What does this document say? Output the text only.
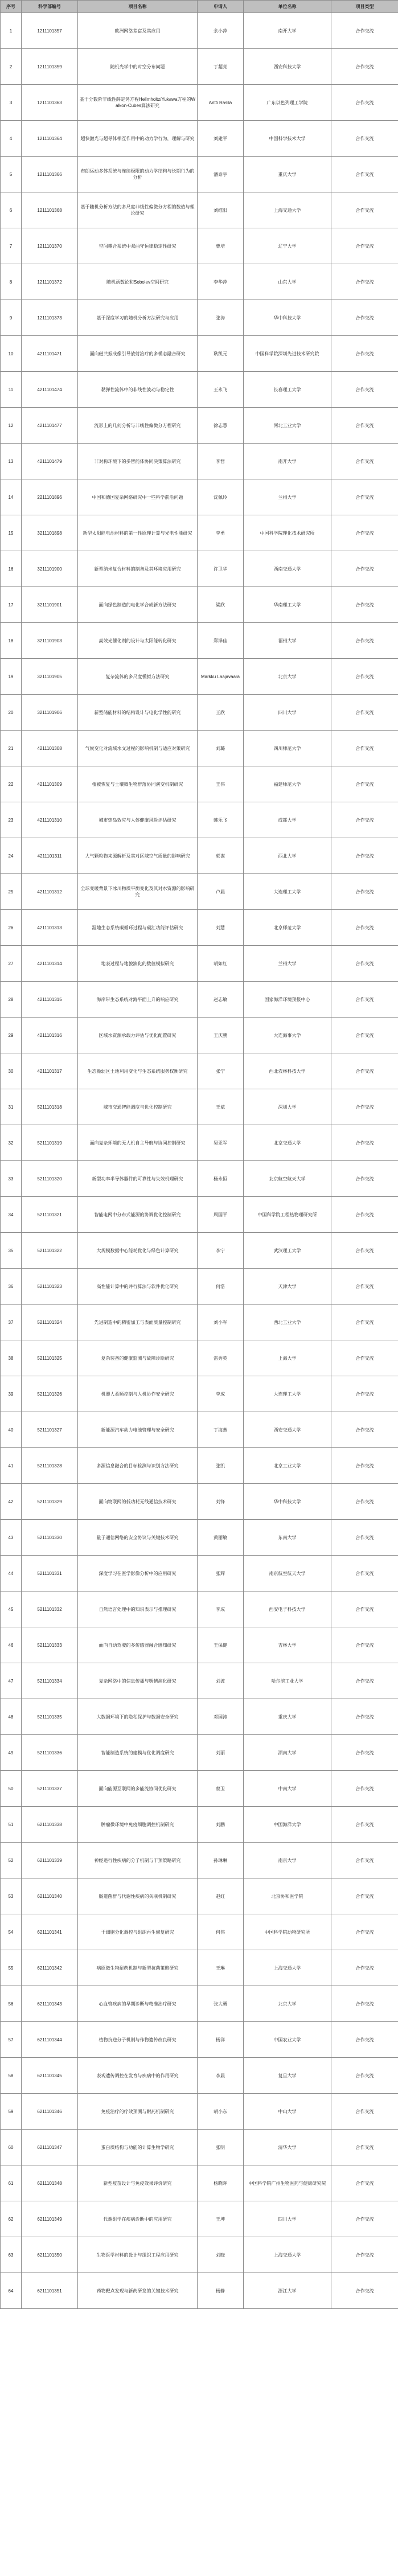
序号	科学部编号	项目名称	申请人	单位名称	项目类型
1	1211101357	欧洲网络差富及其应用	余小萍	南开大学	合作交流
2	1211101359	随机光学中的时空分布问题	丁超亮	西安科技大学	合作交流
3	1211101363	基于分数阶非线性薛定谔方程Hellmholtz/Yukawa方程的Walkon-Cubes算法研究	Antti Rasila	广东以色列理工学院	合作交流
4	1211101364	超快激光与超导体相互作用中的动力学行为，理解与研究	刘建平	中国科学技术大学	合作交流
5	1211101366	布朗运动多体系统与连续极限的动力学结构与长期行为的分析	潘泰宇	重庆大学	合作交流
6	1211101368	基于随机分析方法的多尺度非线性偏微分方程的数值与理论研究	刘维阳	上海交通大学	合作交流
7	1211101370	空间耦合系统中双曲守恒律稳定性研究	曹培	辽宁大学	合作交流
8	1211101372	随机函数论和Sobolev空间研究	李华萍	山东大学	合作交流
9	1211101373	基于深度学习的随机分析方法研究与应用	张涛	华中科技大学	合作交流
10	4211101471	面向磁共振成像引导放射治疗的多模态融合研究	耿凯元	中国科学院深圳先进技术研究院	合作交流
11	4211101474	黏弹性流体中的非线性波动与稳定性	王永飞	长春理工大学	合作交流
12	4211101477	流形上的几何分析与非线性偏微分方程研究	徐志慧	河北工业大学	合作交流
13	4211101479	非对称环境下的多智能体协同决策算法研究	李哲	南开大学	合作交流
14	2211101896	中国和德国复杂网络研究中一些科学前沿问题	沈佩玲	兰州大学	合作交流
15	3211101898	新型太阳能电池材料的第一性原理计算与光电性能研究	李勇	中国科学院理化技术研究所	合作交流
16	3211101900	新型纳米复合材料的制备及其环境应用研究	许卫华	西南交通大学	合作交流
17	3211101901	面向绿色制造的电化学合成新方法研究	梁欣	华南理工大学	合作交流
18	3211101903	高效光催化剂的设计与太阳能转化研究	郑泽佳	福州大学	合作交流
19	3211101905	复杂流体的多尺度模拟方法研究	Markku Laajavaara	北京大学	合作交流
20	3211101906	新型储能材料的结构设计与电化学性能研究	王欣	四川大学	合作交流
21	4211101308	气候变化对流域水文过程的影响机制与适应对策研究	刘璐	四川师范大学	合作交流
22	4211101309	植被恢复与土壤微生物群落协同演变机制研究	王伟	福建师范大学	合作交流
23	4211101310	城市热岛效应与人体健康风险评估研究	韩乐飞	成都大学	合作交流
24	4211101311	大气颗粒物来源解析及其对区域空气质量的影响研究	郭谋	西北大学	合作交流
25	4211101312	全球变暖背景下冰川物质平衡变化及其对水资源的影响研究	卢晨	大连理工大学	合作交流
26	4211101313	湿地生态系统碳循环过程与碳汇功能评估研究	刘慧	北京师范大学	合作交流
27	4211101314	地表过程与地貌演化的数值模拟研究	胡如红	兰州大学	合作交流
28	4211101315	海岸带生态系统对海平面上升的响应研究	赵志敏	国家海洋环境预报中心	合作交流
29	4211101316	区域水资源承载力评估与优化配置研究	王庆鹏	大连海事大学	合作交流
30	4211101317	生态脆弱区土地利用变化与生态系统服务权衡研究	张宁	西北农林科技大学	合作交流
31	5211101318	城市交通智能调度与优化控制研究	王斌	深圳大学	合作交流
32	5211101319	面向复杂环境的无人机自主导航与协同控制研究	吴亚军	北京交通大学	合作交流
33	5211101320	新型功率半导体器件的可靠性与失效机理研究	杨永恒	北京航空航天大学	合作交流
34	5211101321	智能电网中分布式能源的协调优化控制研究	周国平	中国科学院工程热物理研究所	合作交流
35	5211101322	大规模数据中心能耗优化与绿色计算研究	李宁	武汉理工大学	合作交流
36	5211101323	高性能计算中的并行算法与软件优化研究	何浩	天津大学	合作交流
37	5211101324	先进制造中的精密加工与表面质量控制研究	刘小军	西北工业大学	合作交流
38	5211101325	复杂装备的健康监测与故障诊断研究	雷秀英	上海大学	合作交流
39	5211101326	机器人柔顺控制与人机协作安全研究	李成	大连理工大学	合作交流
40	5211101327	新能源汽车动力电池管理与安全研究	丁海燕	西安交通大学	合作交流
41	5211101328	多源信息融合的目标检测与识别方法研究	张凯	北京工业大学	合作交流
42	5211101329	面向物联网的低功耗无线通信技术研究	刘锋	华中科技大学	合作交流
43	5211101330	量子通信网络的安全协议与关键技术研究	黄丽敏	东南大学	合作交流
44	5211101331	深度学习在医学影像分析中的应用研究	张辉	南京航空航天大学	合作交流
45	5211101332	自然语言处理中的知识表示与推理研究	李成	西安电子科技大学	合作交流
46	5211101333	面向自动驾驶的多传感器融合感知研究	王保健	吉林大学	合作交流
47	5211101334	复杂网络中的信息传播与舆情演化研究	刘波	哈尔滨工业大学	合作交流
48	5211101335	大数据环境下的隐私保护与数据安全研究	邓国涛	重庆大学	合作交流
49	5211101336	智能制造系统的建模与优化调度研究	刘丽	湖南大学	合作交流
50	5211101337	面向能源互联网的多能流协同优化研究	蔡卫	中南大学	合作交流
51	6211101338	肿瘤微环境中免疫细胞调控机制研究	刘鹏	中国海洋大学	合作交流
52	6211101339	神经退行性疾病的分子机制与干预策略研究	孙琳琳	南京大学	合作交流
53	6211101340	肠道菌群与代谢性疾病的关联机制研究	赵红	北京协和医学院	合作交流
54	6211101341	干细胞分化调控与组织再生修复研究	何伟	中国科学院动物研究所	合作交流
55	6211101342	病原微生物耐药机制与新型抗菌策略研究	王琳	上海交通大学	合作交流
56	6211101343	心血管疾病的早期诊断与精准治疗研究	张大勇	北京大学	合作交流
57	6211101344	植物抗逆分子机制与作物遗传改良研究	杨洋	中国农业大学	合作交流
58	6211101345	表观遗传调控在发育与疾病中的作用研究	李晨	复旦大学	合作交流
59	6211101346	免疫治疗的疗效预测与耐药机制研究	胡小东	中山大学	合作交流
60	6211101347	蛋白质结构与功能的计算生物学研究	张明	清华大学	合作交流
61	6211101348	新型疫苗设计与免疫效果评价研究	杨晓晖	中国科学院广州生物医药与健康研究院	合作交流
62	6211101349	代谢组学在疾病诊断中的应用研究	王坤	四川大学	合作交流
63	6211101350	生物医学材料的设计与组织工程应用研究	刘晓	上海交通大学	合作交流
64	6211101351	药物靶点发现与新药研发的关键技术研究	杨静	浙江大学	合作交流
